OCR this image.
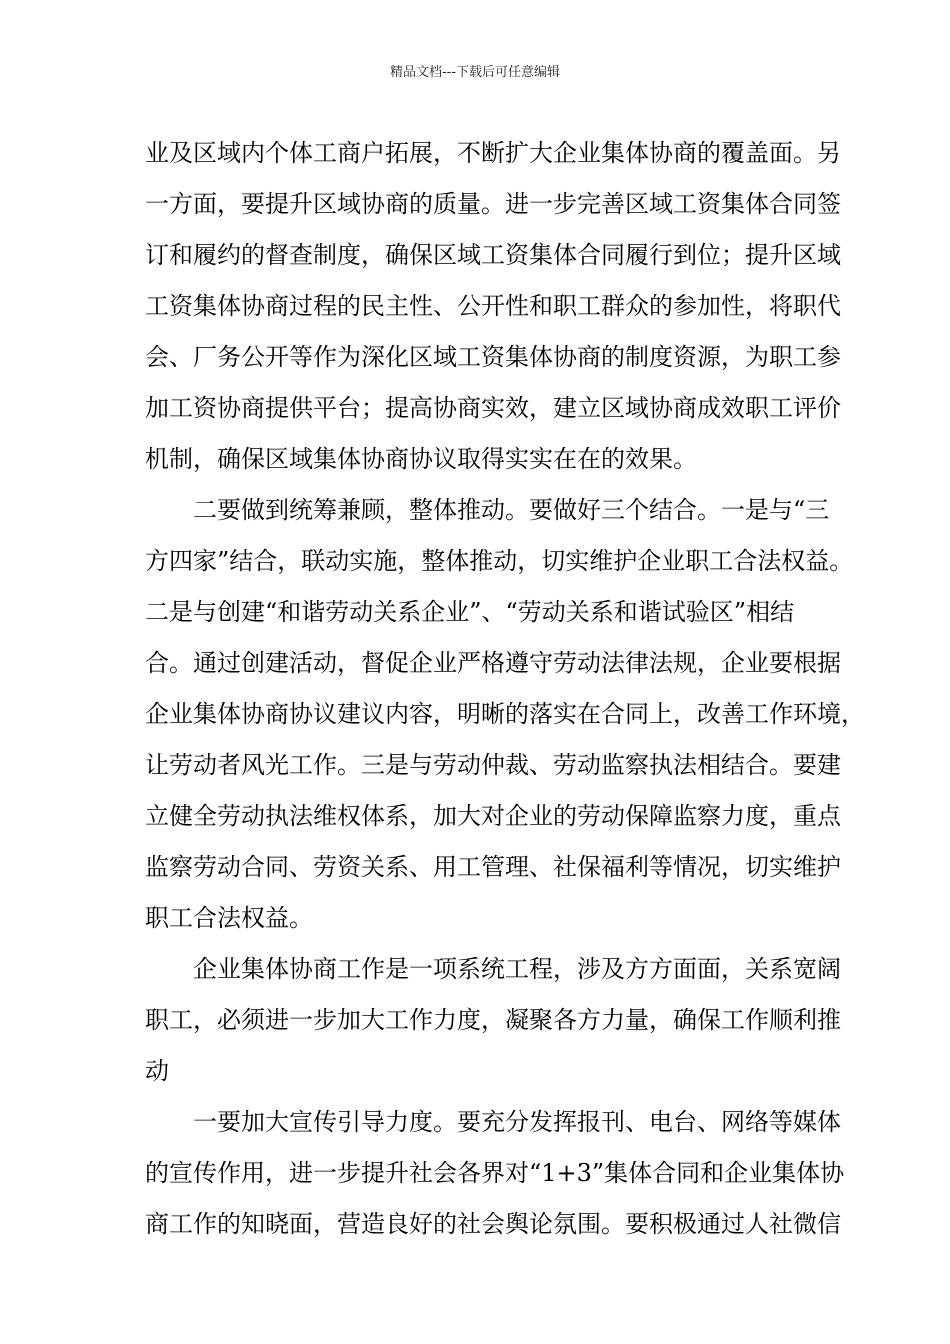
精品文档---下载后可任意编辑
业及区域内个体工商户拓展，不断扩大企业集体协商的覆盖面。另
一方面，要提升区域协商的质量。进一步完善区域工资集体合同签
订和履约的督查制度，确保区域工资集体合同履行到位；提升区域
工资集体协商过程的民主性、公开性和职工群众的参加性，将职代
会、厂务公开等作为深化区域工资集体协商的制度资源，为职工参
加工资协商提供平台；提高协商实效，建立区域协商成效职工评价
机制，确保区域集体协商协议取得实实在在的效果。
二要做到统筹兼顾，整体推动。要做好三个结合。一是与“三
方四家”结合，联动实施，整体推动，切实维护企业职工合法权益。
二是与创建“和谐劳动关系企业”、“劳动关系和谐试验区”相结
合。通过创建活动，督促企业严格遵守劳动法律法规，企业要根据
企业集体协商协议建议内容，明晰的落实在合同上，改善工作环境，
让劳动者风光工作。三是与劳动仲裁、劳动监察执法相结合。要建
立健全劳动执法维权体系，加大对企业的劳动保障监察力度，重点
监察劳动合同、劳资关系、用工管理、社保福利等情况，切实维护
职工合法权益。
企业集体协商工作是一项系统工程，涉及方方面面，关系宽阔
职工，必须进一步加大工作力度，凝聚各方力量，确保工作顺利推
动
一要加大宣传引导力度。要充分发挥报刊、电台、网络等媒体
的宣传作用，进一步提升社会各界对“1+3”集体合同和企业集体协
商工作的知晓面，营造良好的社会舆论氛围。要积极通过人社微信
